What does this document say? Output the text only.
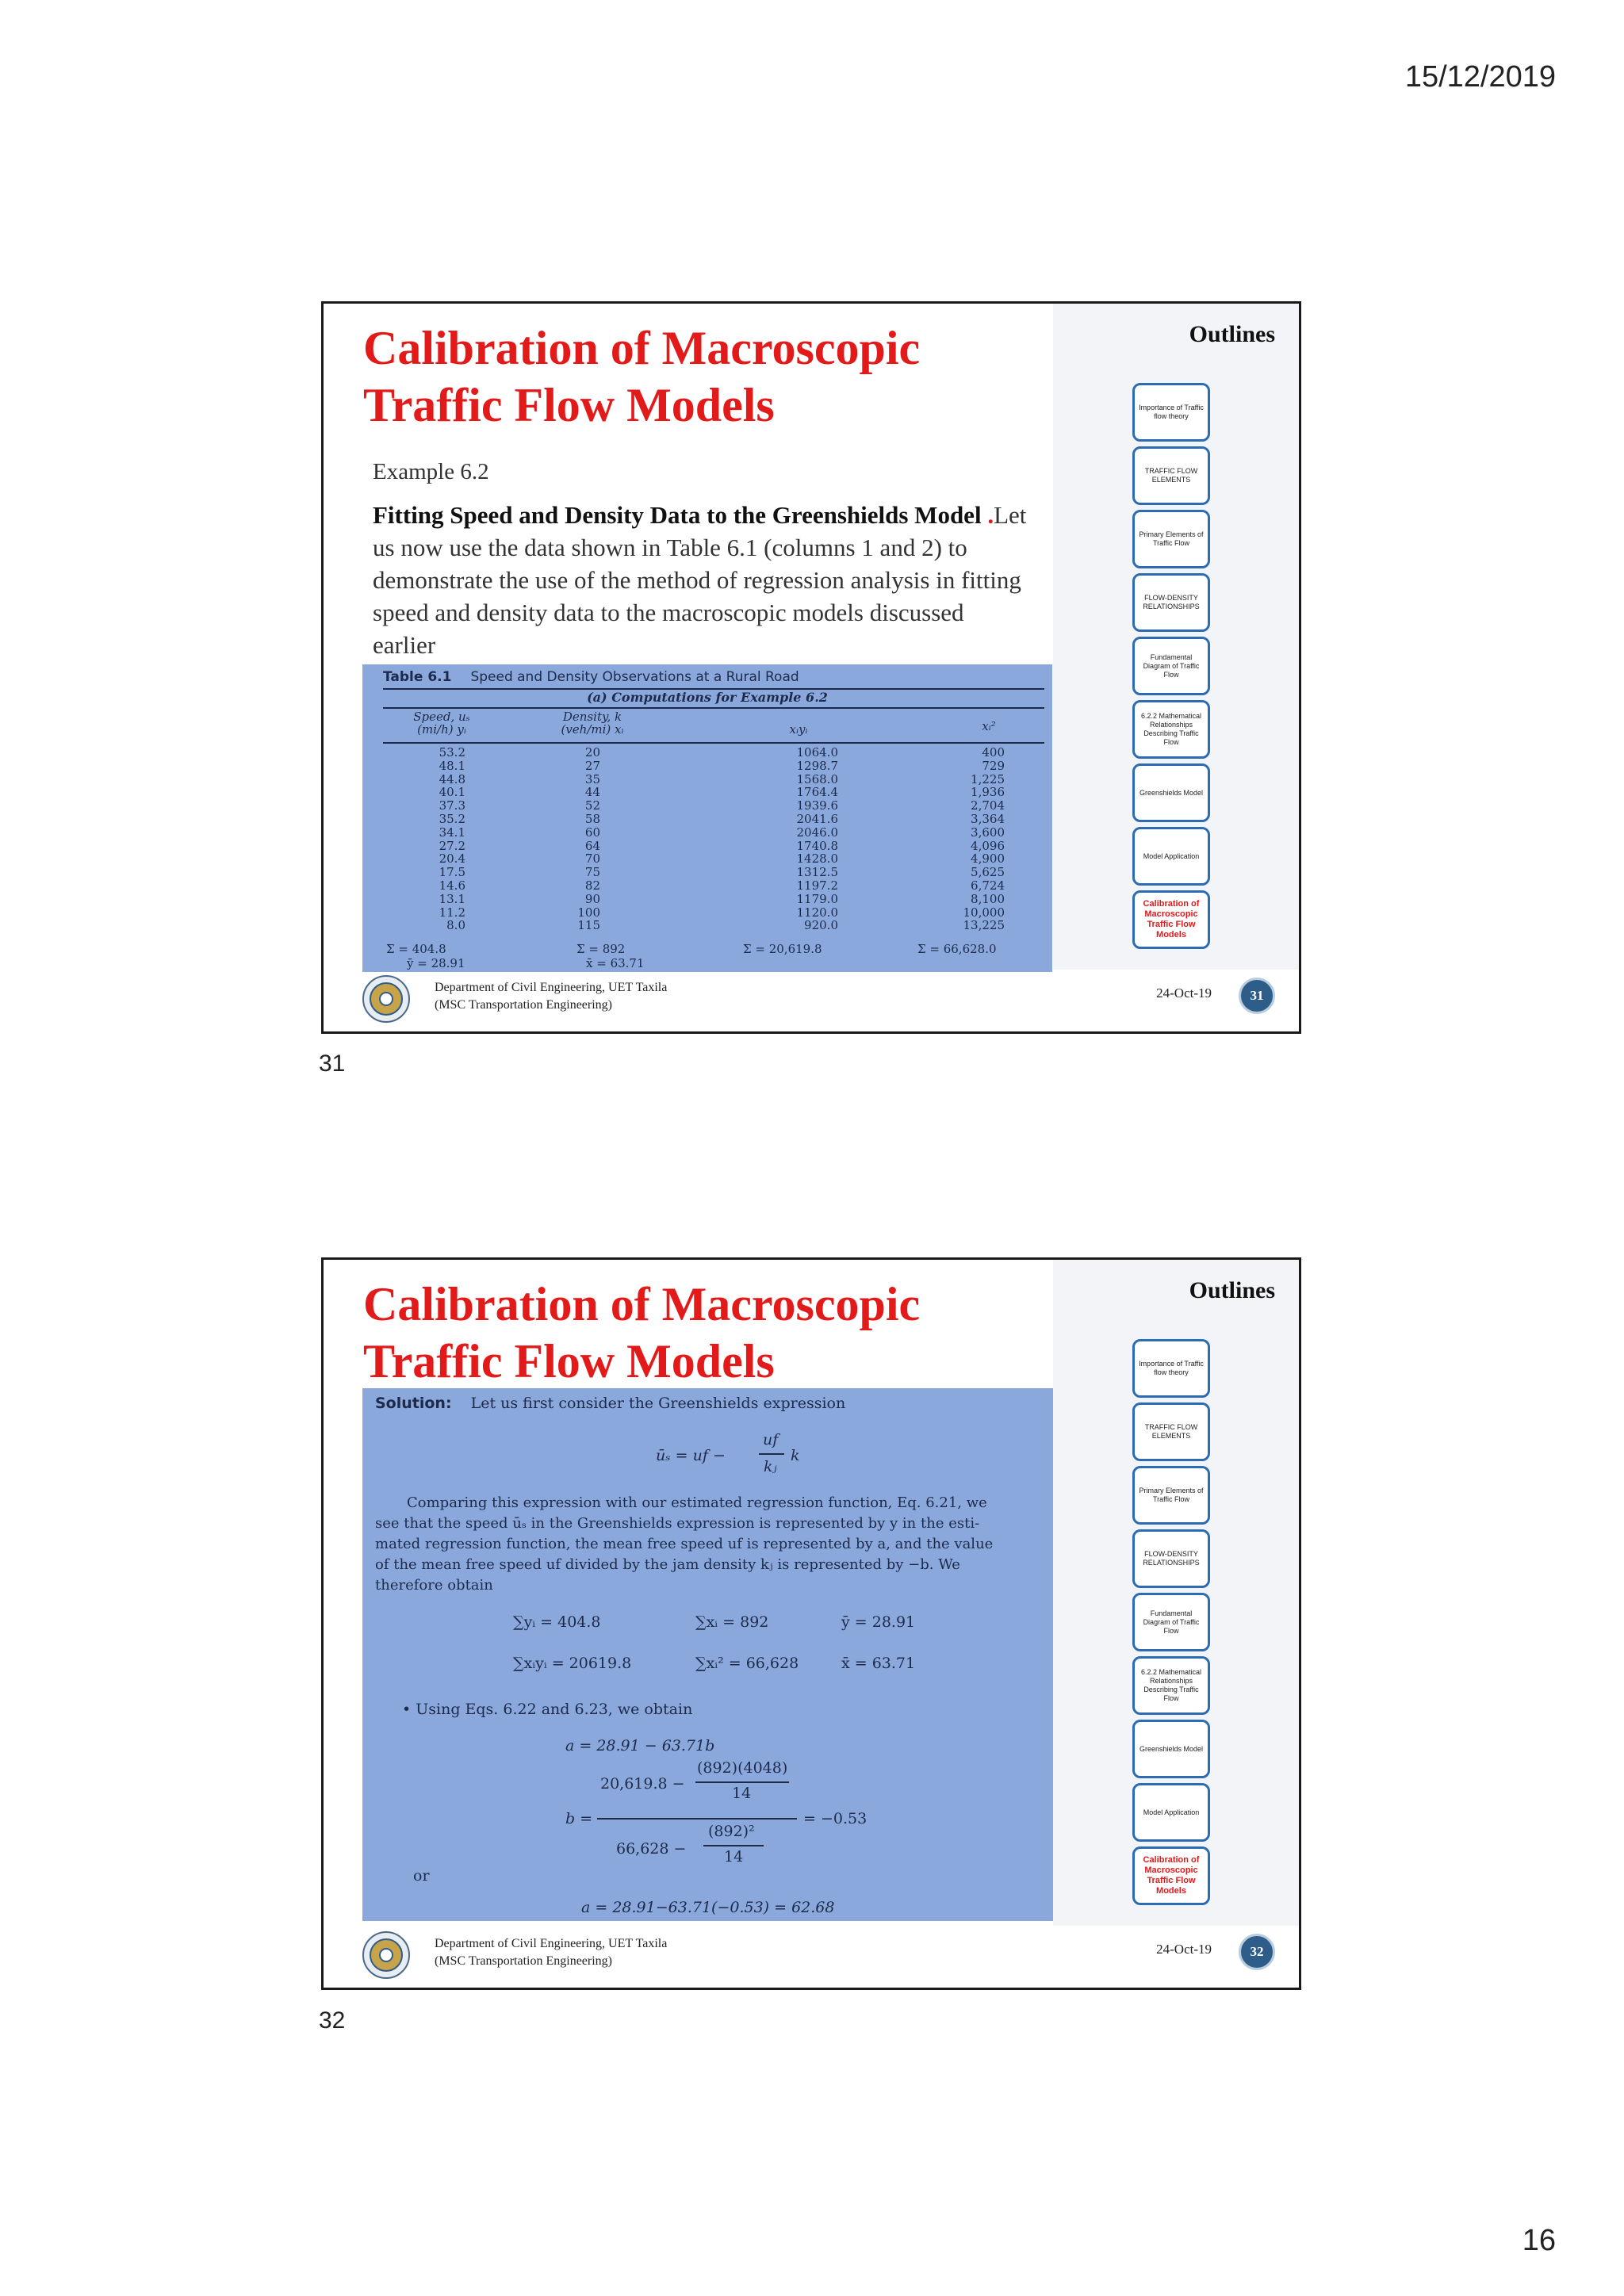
15/12/2019
Calibration of Macroscopic Traffic Flow Models
Example 6.2
Fitting Speed and Density Data to the Greenshields Model .Let us now use the data shown in Table 6.1 (columns 1 and 2) to demonstrate the use of the method of regression analysis in fitting speed and density data to the macroscopic models discussed earlier
Table 6.1 Speed and Density Observations at a Rural Road
(a) Computations for Example 6.2
Speed, uₛ
(mi/h) yᵢ
Density, k
(veh/mi) xᵢ	xᵢyᵢ	xᵢ²
53.2	20	1064.0	400
48.1	27	1298.7	729
44.8	35	1568.0	1,225
40.1	44	1764.4	1,936
37.3	52	1939.6	2,704
35.2	58	2041.6	3,364
34.1	60	2046.0	3,600
27.2	64	1740.8	4,096
20.4	70	1428.0	4,900
17.5	75	1312.5	5,625
14.6	82	1197.2	6,724
13.1	90	1179.0	8,100
11.2	100	1120.0	10,000
8.0	115	920.0	13,225
Σ = 404.8	Σ = 892	Σ = 20,619.8	Σ = 66,628.0
ȳ = 28.91	x̄ = 63.71
Outlines
Importance of Traffic flow theory
TRAFFIC FLOW ELEMENTS
Primary Elements of Traffic Flow
FLOW-DENSITY RELATIONSHIPS
Fundamental Diagram of Traffic Flow
6.2.2 Mathematical Relationships Describing Traffic Flow
Greenshields Model
Model Application
Calibration of Macroscopic Traffic Flow Models
Department of Civil Engineering, UET Taxila
(MSC Transportation Engineering)
24-Oct-19	31
31
Calibration of Macroscopic Traffic Flow Models
Solution: Let us first consider the Greenshields expression
ūₛ = uf −
uf
kⱼ
k
Comparing this expression with our estimated regression function, Eq. 6.21, we
see that the speed ūₛ in the Greenshields expression is represented by y in the esti-
mated regression function, the mean free speed uf is represented by a, and the value
of the mean free speed uf divided by the jam density kⱼ is represented by −b. We
therefore obtain
∑yᵢ = 404.8	∑xᵢ = 892	ȳ = 28.91
∑xᵢyᵢ = 20619.8	∑xᵢ² = 66,628	x̄ = 63.71
• Using Eqs. 6.22 and 6.23, we obtain
a = 28.91 − 63.71b
b =
20,619.8 −
(892)(4048)
14
66,628 −
(892)²
14
= −0.53
or
a = 28.91−63.71(−0.53) = 62.68
Outlines
Importance of Traffic flow theory
TRAFFIC FLOW ELEMENTS
Primary Elements of Traffic Flow
FLOW-DENSITY RELATIONSHIPS
Fundamental Diagram of Traffic Flow
6.2.2 Mathematical Relationships Describing Traffic Flow
Greenshields Model
Model Application
Calibration of Macroscopic Traffic Flow Models
Department of Civil Engineering, UET Taxila
(MSC Transportation Engineering)
24-Oct-19	32
32
16
